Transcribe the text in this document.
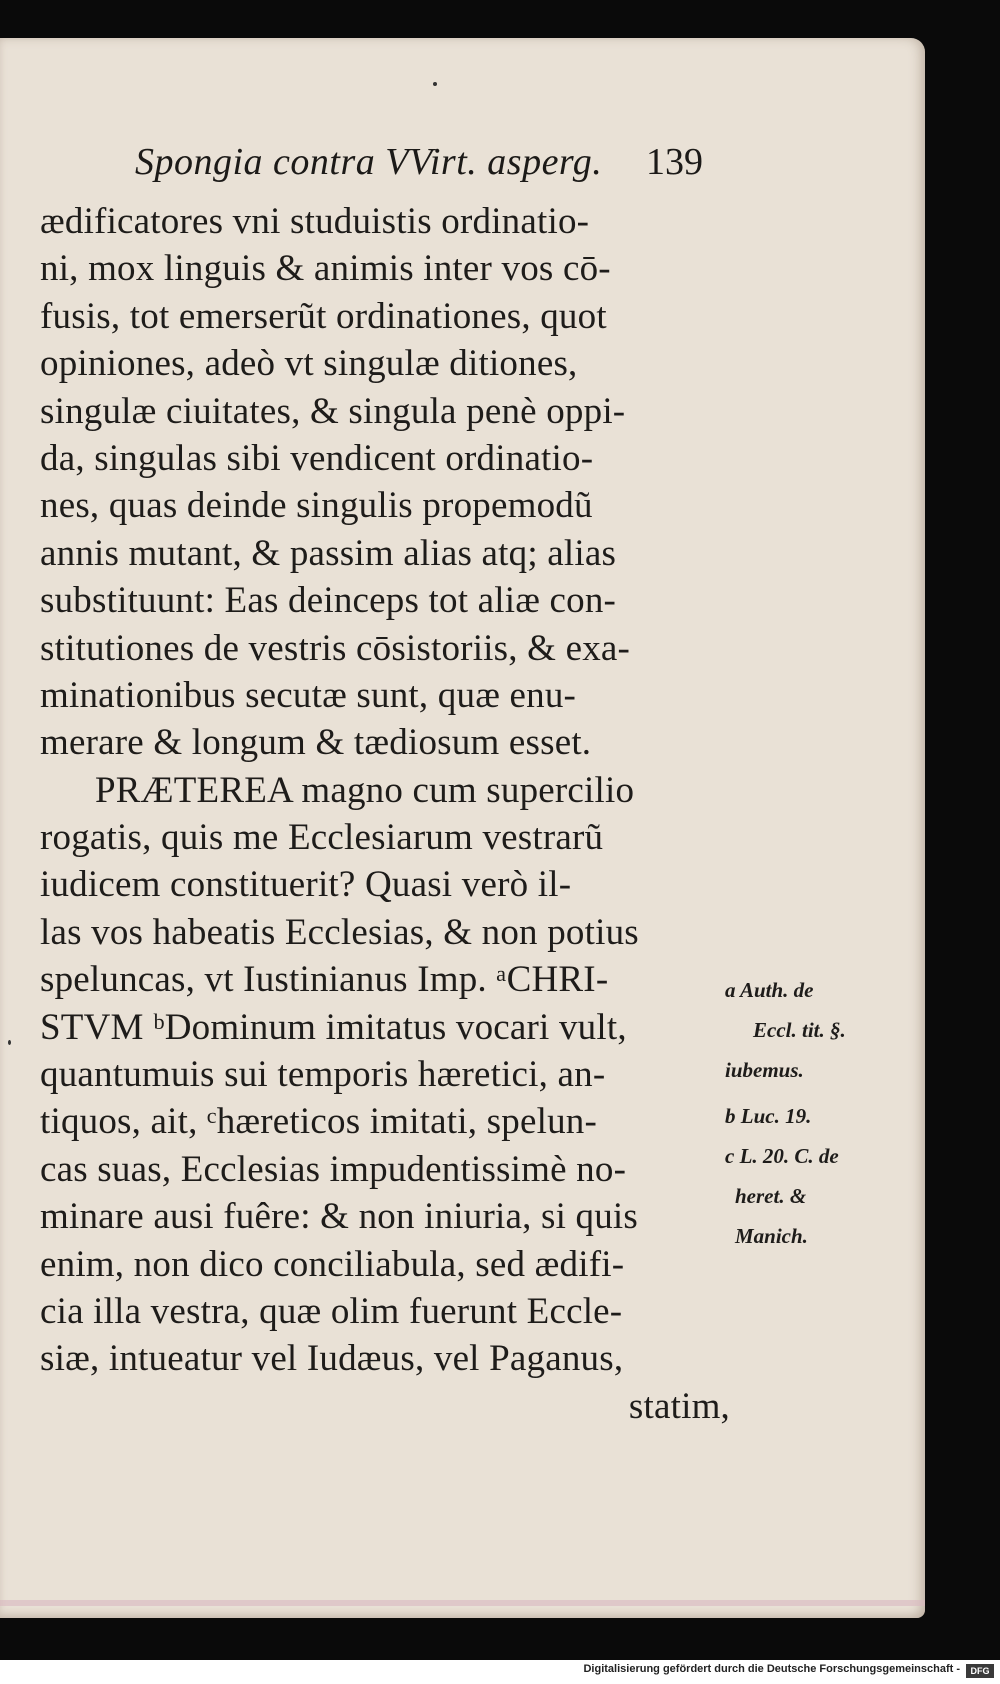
Spongia contra VVirt. asperg. 139
ædificatores vni studuistis ordinatio-
ni, mox linguis & animis inter vos cō-
fusis, tot emerserũt ordinationes, quot
opiniones, adeò vt singulæ ditiones,
singulæ ciuitates, & singula penè oppi-
da, singulas sibi vendicent ordinatio-
nes, quas deinde singulis propemodũ
annis mutant, & passim alias atq; alias
substituunt: Eas deinceps tot aliæ con-
stitutiones de vestris cōsistoriis, & exa-
minationibus secutæ sunt, quæ enu-
merare & longum & tædiosum esset.
PRÆTEREA magno cum supercilio
rogatis, quis me Ecclesiarum vestrarũ
iudicem constituerit? Quasi verò il-
las vos habeatis Ecclesias, & non potius
speluncas, vt Iustinianus Imp. ᵃCHRI-
STVM ᵇDominum imitatus vocari vult,
quantumuis sui temporis hæretici, an-
tiquos, ait, ᶜhæreticos imitati, spelun-
cas suas, Ecclesias impudentissimè no-
minare ausi fuêre: & non iniuria, si quis
enim, non dico conciliabula, sed ædifi-
cia illa vestra, quæ olim fuerunt Eccle-
siæ, intueatur vel Iudæus, vel Paganus,
statim,
a Auth. de
Eccl. tit. §.
iubemus.
b Luc. 19.
c L. 20. C. de
heret. &
Manich.
Digitalisierung gefördert durch die Deutsche Forschungsgemeinschaft -	DFG
